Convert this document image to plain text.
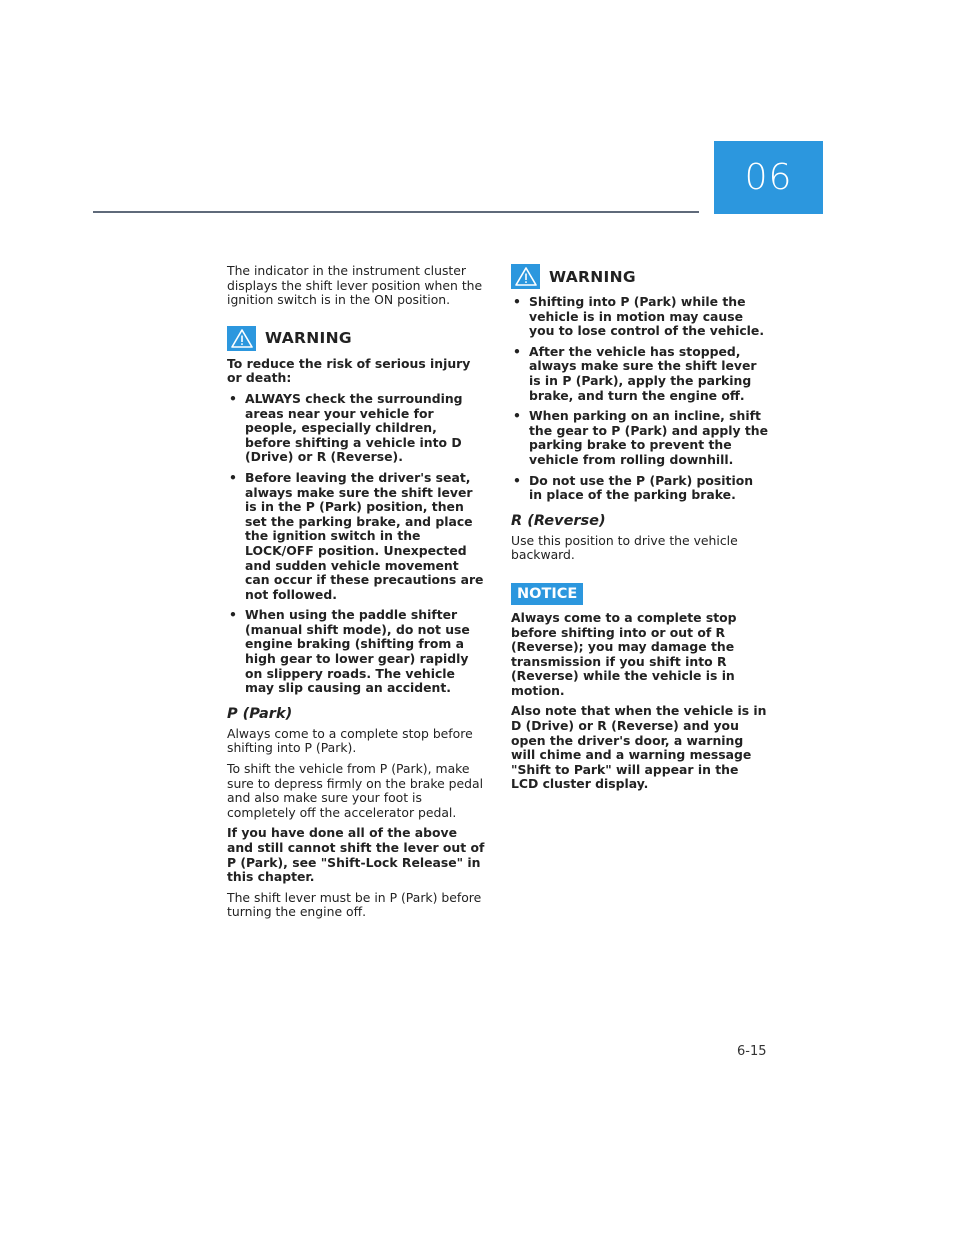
06

The indicator in the instrument cluster displays the shift lever position when the ignition switch is in the ON position.

WARNING

To reduce the risk of serious injury or death:

• ALWAYS check the surrounding areas near your vehicle for people, especially children, before shifting a vehicle into D (Drive) or R (Reverse).
• Before leaving the driver's seat, always make sure the shift lever is in the P (Park) position, then set the parking brake, and place the ignition switch in the LOCK/OFF position. Unexpected and sudden vehicle movement can occur if these precautions are not followed.
• When using the paddle shifter (manual shift mode), do not use engine braking (shifting from a high gear to lower gear) rapidly on slippery roads. The vehicle may slip causing an accident.
P (Park)

Always come to a complete stop before shifting into P (Park).

To shift the vehicle from P (Park), make sure to depress firmly on the brake pedal and also make sure your foot is completely off the accelerator pedal.

If you have done all of the above and still cannot shift the lever out of P (Park), see "Shift-Lock Release" in this chapter.

The shift lever must be in P (Park) before turning the engine off.

WARNING
• Shifting into P (Park) while the vehicle is in motion may cause you to lose control of the vehicle.
• After the vehicle has stopped, always make sure the shift lever is in P (Park), apply the parking brake, and turn the engine off.
• When parking on an incline, shift the gear to P (Park) and apply the parking brake to prevent the vehicle from rolling downhill.
• Do not use the P (Park) position in place of the parking brake.
R (Reverse)

Use this position to drive the vehicle backward.

NOTICE

Always come to a complete stop before shifting into or out of R (Reverse); you may damage the transmission if you shift into R (Reverse) while the vehicle is in motion.

Also note that when the vehicle is in D (Drive) or R (Reverse) and you open the driver's door, a warning will chime and a warning message "Shift to Park" will appear in the LCD cluster display.

6-15
